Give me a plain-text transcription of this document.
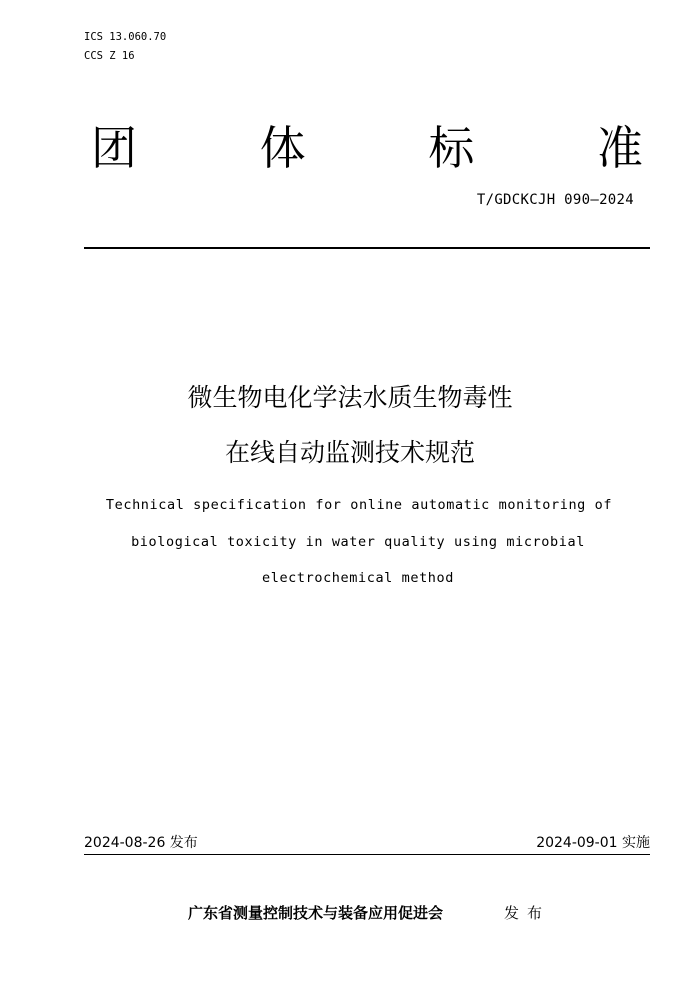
ICS 13.060.70
CCS Z 16
团	体	标	准
T/GDCKCJH 090—2024
微生物电化学法水质生物毒性
在线自动监测技术规范
Technical specification for online automatic monitoring of
biological toxicity in water quality using microbial
electrochemical method
2024-08-26 发布	2024-09-01 实施
广东省测量控制技术与装备应用促进会	发布
